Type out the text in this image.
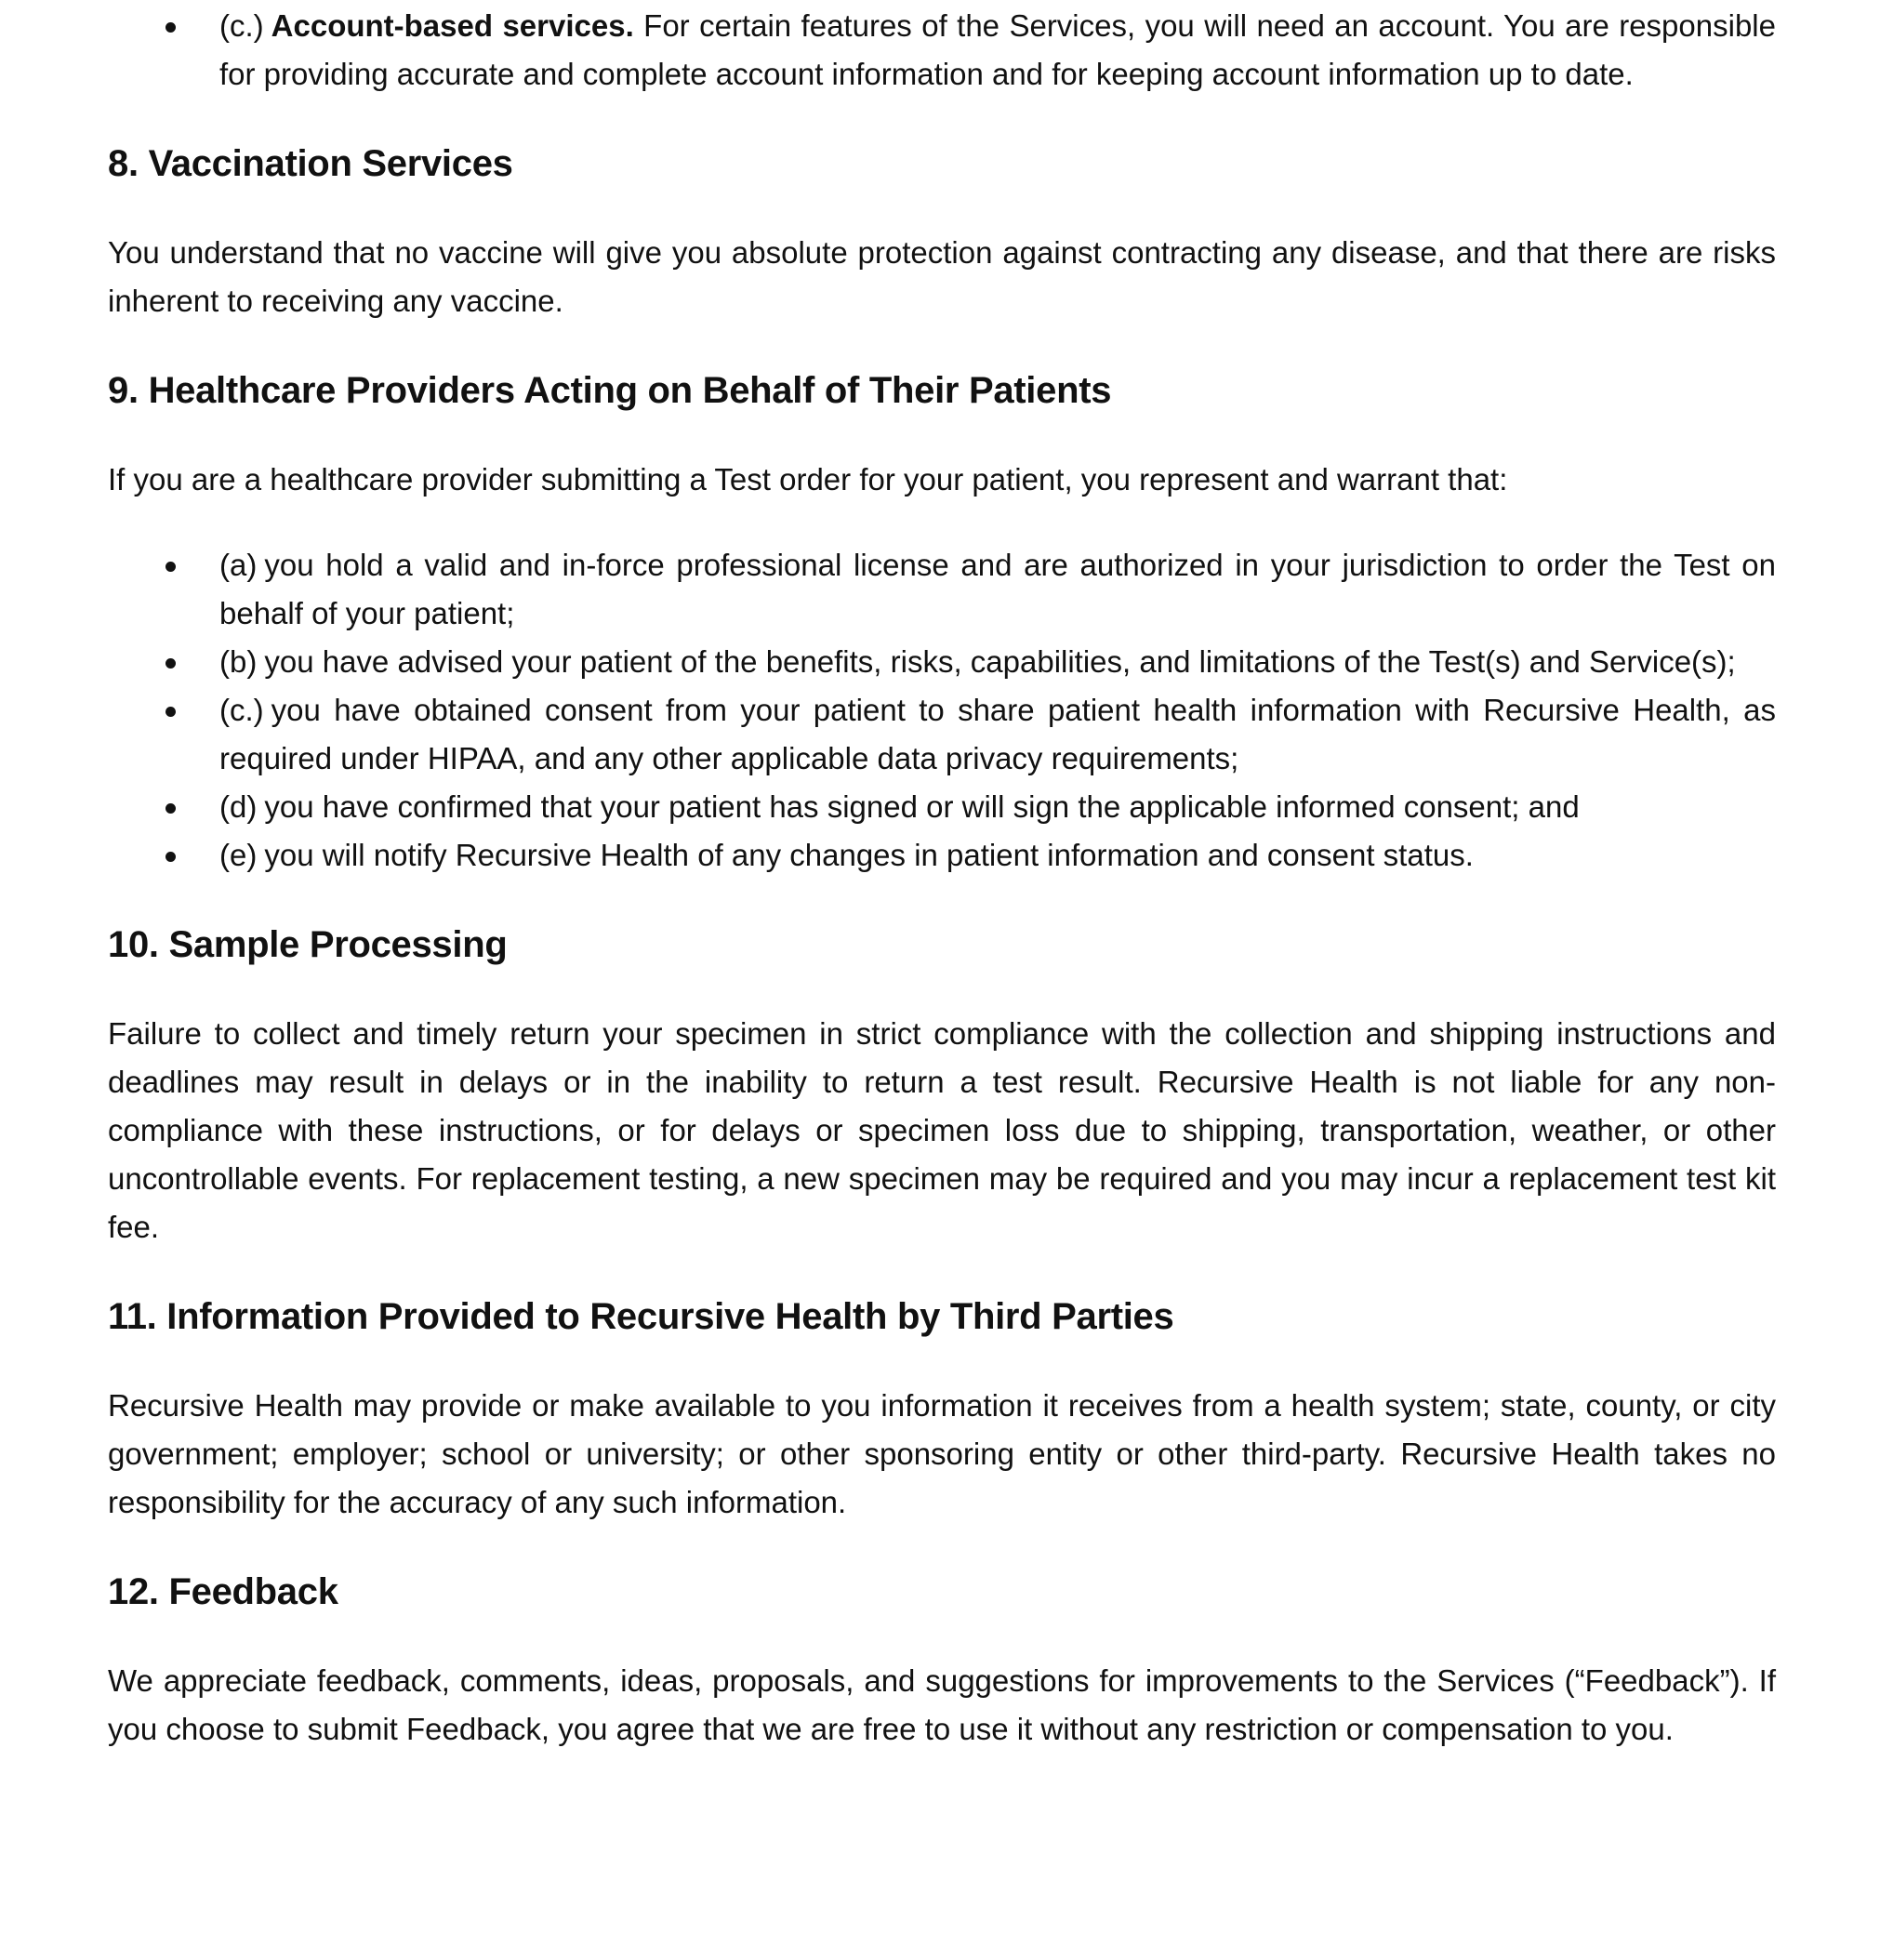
(c.) Account-based services. For certain features of the Services, you will need an account. You are responsible for providing accurate and complete account information and for keeping account information up to date.
8. Vaccination Services

You understand that no vaccine will give you absolute protection against contracting any disease, and that there are risks inherent to receiving any vaccine.

9. Healthcare Providers Acting on Behalf of Their Patients

If you are a healthcare provider submitting a Test order for your patient, you represent and warrant that:

(a) you hold a valid and in-force professional license and are authorized in your jurisdiction to order the Test on behalf of your patient;
(b) you have advised your patient of the benefits, risks, capabilities, and limitations of the Test(s) and Service(s);
(c.) you have obtained consent from your patient to share patient health information with Recursive Health, as required under HIPAA, and any other applicable data privacy requirements;
(d) you have confirmed that your patient has signed or will sign the applicable informed consent; and
(e) you will notify Recursive Health of any changes in patient information and consent status.
10. Sample Processing

Failure to collect and timely return your specimen in strict compliance with the collection and shipping instructions and deadlines may result in delays or in the inability to return a test result. Recursive Health is not liable for any non-compliance with these instructions, or for delays or specimen loss due to shipping, transportation, weather, or other uncontrollable events. For replacement testing, a new specimen may be required and you may incur a replacement test kit fee.

11. Information Provided to Recursive Health by Third Parties

Recursive Health may provide or make available to you information it receives from a health system; state, county, or city government; employer; school or university; or other sponsoring entity or other third-party. Recursive Health takes no responsibility for the accuracy of any such information.

12. Feedback

We appreciate feedback, comments, ideas, proposals, and suggestions for improvements to the Services (“Feedback”). If you choose to submit Feedback, you agree that we are free to use it without any restriction or compensation to you.
